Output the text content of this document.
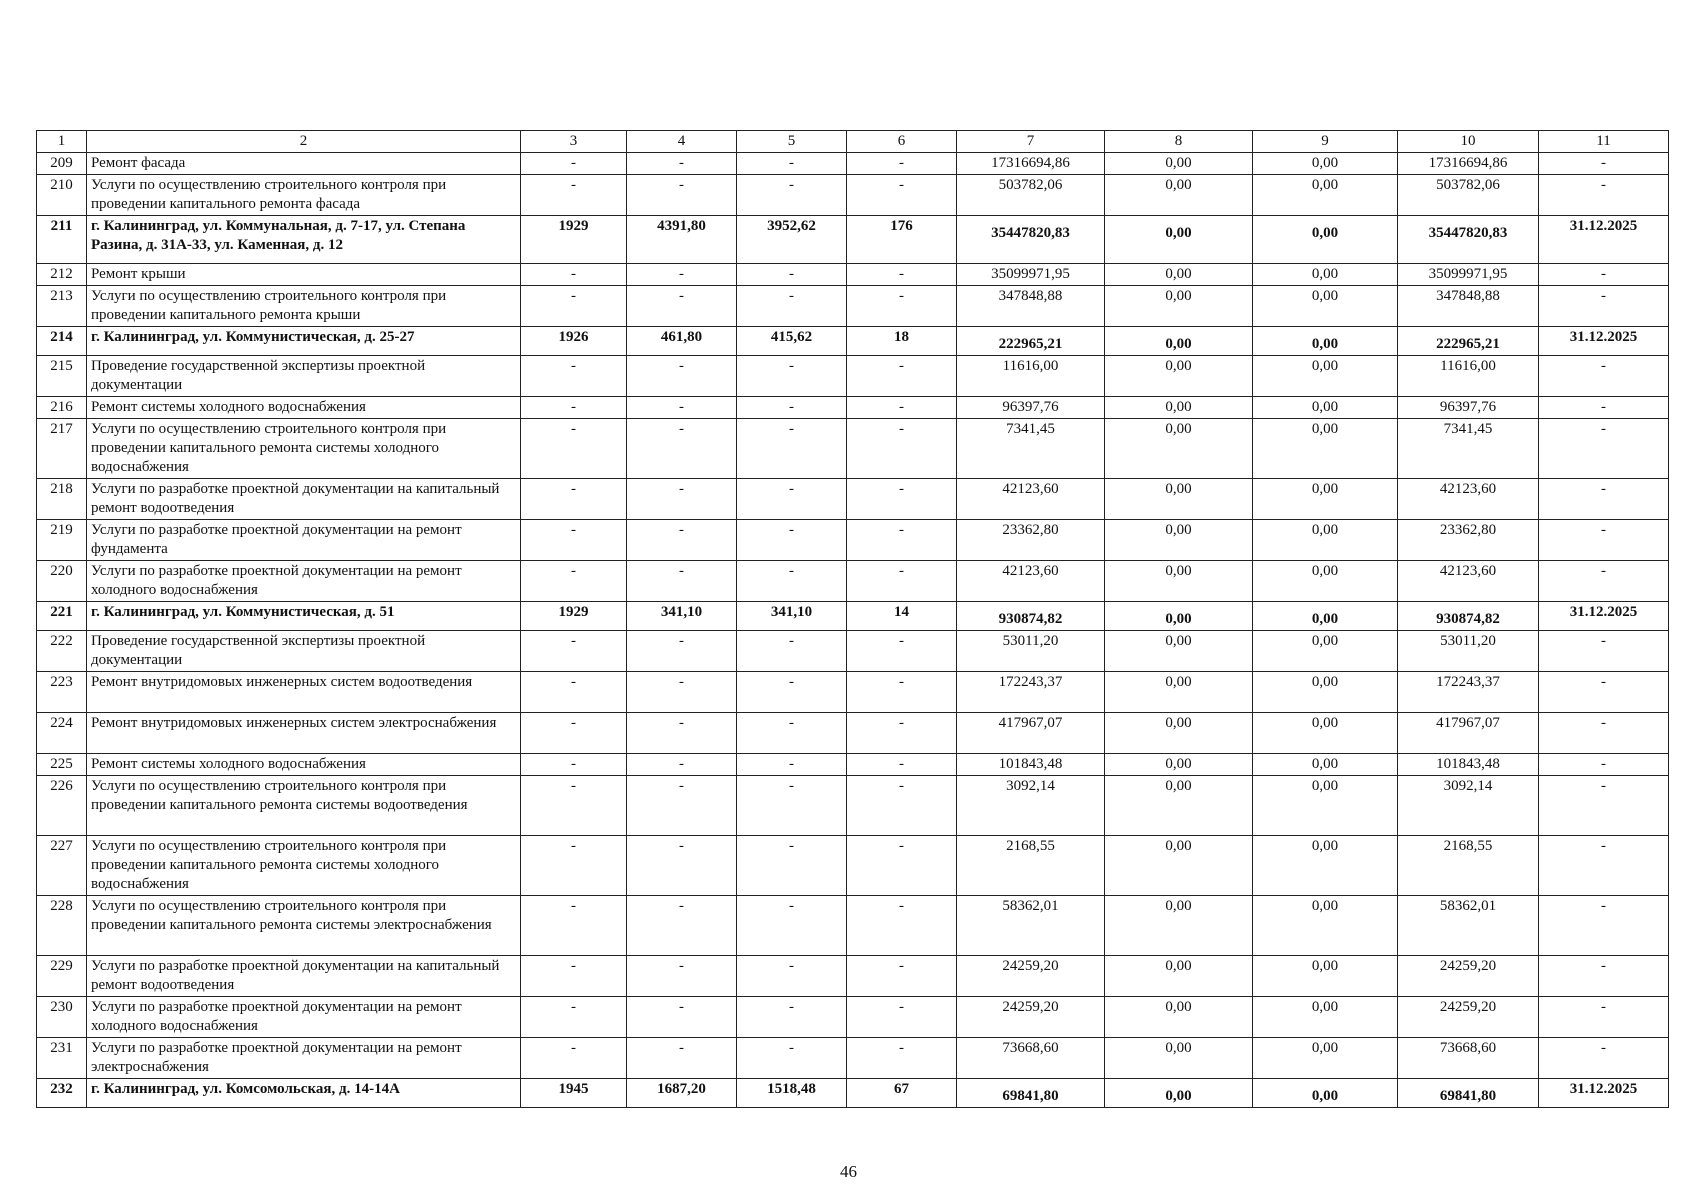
1	2	3	4	5	6	7	8	9	10	11
209	Ремонт фасада	-	-	-	-	17316694,86	0,00	0,00	17316694,86	-
210	Услуги по осуществлению строительного контроля при проведении капитального ремонта фасада	-	-	-	-	503782,06	0,00	0,00	503782,06	-
211	г. Калининград, ул. Коммунальная, д. 7-17, ул. Степана Разина, д. 31А-33, ул. Каменная, д. 12	1929	4391,80	3952,62	176	35447820,83	0,00	0,00	35447820,83	31.12.2025
212	Ремонт крыши	-	-	-	-	35099971,95	0,00	0,00	35099971,95	-
213	Услуги по осуществлению строительного контроля при проведении капитального ремонта крыши	-	-	-	-	347848,88	0,00	0,00	347848,88	-
214	г. Калининград, ул. Коммунистическая, д. 25-27	1926	461,80	415,62	18	222965,21	0,00	0,00	222965,21	31.12.2025
215	Проведение государственной экспертизы проектной документации	-	-	-	-	11616,00	0,00	0,00	11616,00	-
216	Ремонт системы холодного водоснабжения	-	-	-	-	96397,76	0,00	0,00	96397,76	-
217	Услуги по осуществлению строительного контроля при проведении капитального ремонта системы холодного водоснабжения	-	-	-	-	7341,45	0,00	0,00	7341,45	-
218	Услуги по разработке проектной документации на капитальный ремонт водоотведения	-	-	-	-	42123,60	0,00	0,00	42123,60	-
219	Услуги по разработке проектной документации на ремонт фундамента	-	-	-	-	23362,80	0,00	0,00	23362,80	-
220	Услуги по разработке проектной документации на ремонт холодного водоснабжения	-	-	-	-	42123,60	0,00	0,00	42123,60	-
221	г. Калининград, ул. Коммунистическая, д. 51	1929	341,10	341,10	14	930874,82	0,00	0,00	930874,82	31.12.2025
222	Проведение государственной экспертизы проектной документации	-	-	-	-	53011,20	0,00	0,00	53011,20	-
223	Ремонт внутридомовых инженерных систем водоотведения	-	-	-	-	172243,37	0,00	0,00	172243,37	-
224	Ремонт внутридомовых инженерных систем электроснабжения	-	-	-	-	417967,07	0,00	0,00	417967,07	-
225	Ремонт системы холодного водоснабжения	-	-	-	-	101843,48	0,00	0,00	101843,48	-
226	Услуги по осуществлению строительного контроля при проведении капитального ремонта системы водоотведения	-	-	-	-	3092,14	0,00	0,00	3092,14	-
227	Услуги по осуществлению строительного контроля при проведении капитального ремонта системы холодного водоснабжения	-	-	-	-	2168,55	0,00	0,00	2168,55	-
228	Услуги по осуществлению строительного контроля при проведении капитального ремонта системы электроснабжения	-	-	-	-	58362,01	0,00	0,00	58362,01	-
229	Услуги по разработке проектной документации на капитальный ремонт водоотведения	-	-	-	-	24259,20	0,00	0,00	24259,20	-
230	Услуги по разработке проектной документации на ремонт холодного водоснабжения	-	-	-	-	24259,20	0,00	0,00	24259,20	-
231	Услуги по разработке проектной документации на ремонт электроснабжения	-	-	-	-	73668,60	0,00	0,00	73668,60	-
232	г. Калининград, ул. Комсомольская, д. 14-14А	1945	1687,20	1518,48	67	69841,80	0,00	0,00	69841,80	31.12.2025
46
